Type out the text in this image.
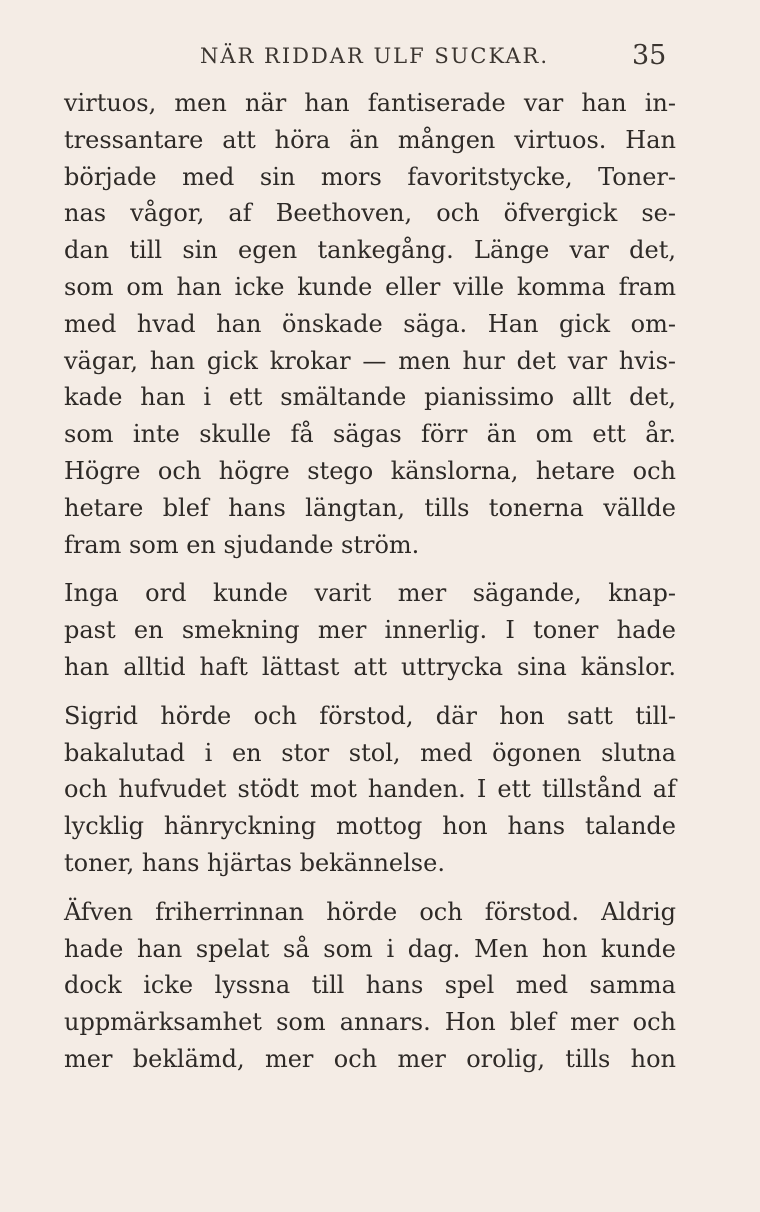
NÄR RIDDAR ULF SUCKAR.	35
virtuos, men när han fantiserade var han in-
tressantare att höra än mången virtuos. Han
började med sin mors favoritstycke, Toner-
nas vågor, af Beethoven, och öfvergick se-
dan till sin egen tankegång. Länge var det,
som om han icke kunde eller ville komma fram
med hvad han önskade säga. Han gick om-
vägar, han gick krokar — men hur det var hvis-
kade han i ett smältande pianissimo allt det,
som inte skulle få sägas förr än om ett år.
Högre och högre stego känslorna, hetare och
hetare blef hans längtan, tills tonerna vällde
fram som en sjudande ström.
Inga ord kunde varit mer sägande, knap-
past en smekning mer innerlig. I toner hade
han alltid haft lättast att uttrycka sina känslor.
Sigrid hörde och förstod, där hon satt till-
bakalutad i en stor stol, med ögonen slutna
och hufvudet stödt mot handen. I ett tillstånd af
lycklig hänryckning mottog hon hans talande
toner, hans hjärtas bekännelse.
Äfven friherrinnan hörde och förstod. Aldrig
hade han spelat så som i dag. Men hon kunde
dock icke lyssna till hans spel med samma
uppmärksamhet som annars. Hon blef mer och
mer beklämd, mer och mer orolig, tills hon
